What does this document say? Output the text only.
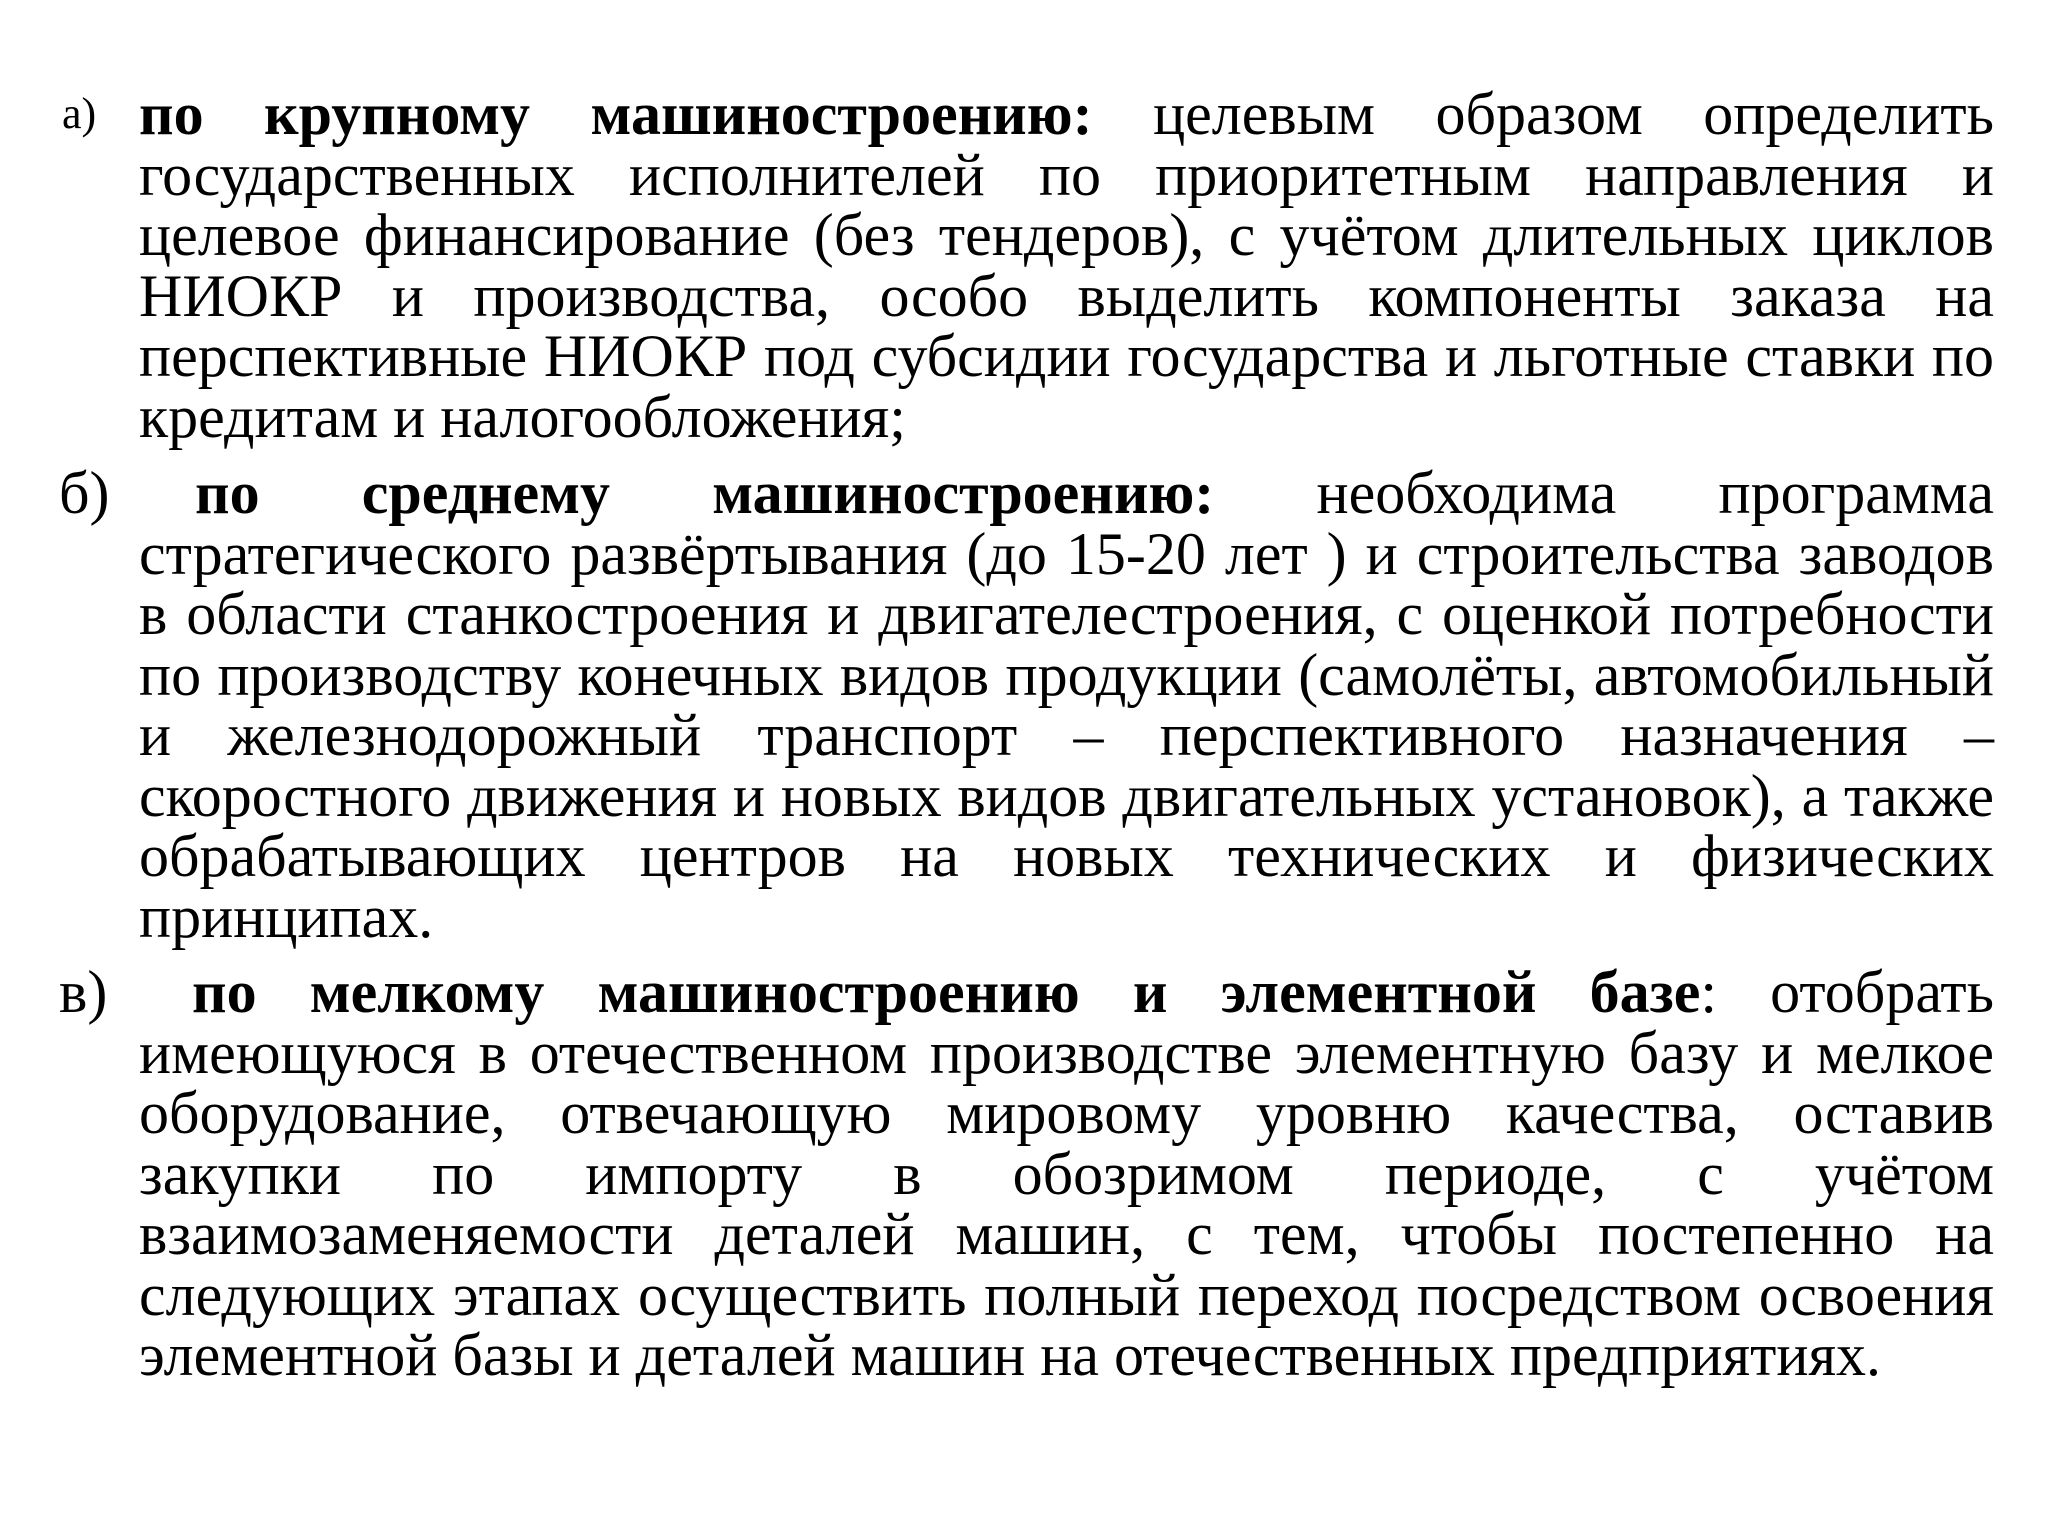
а) по крупному машиностроению: целевым образом определить государственных исполнителей по приоритетным направления и целевое финансирование (без тендеров), с учётом длительных циклов НИОКР и производства, особо выделить компоненты заказа на перспективные НИОКР под субсидии государства и льготные ставки по кредитам и налогообложения;
б) по среднему машиностроению: необходима программа стратегического развёртывания (до 15-20 лет ) и строительства заводов в области станкостроения и двигателестроения, с оценкой потребности по производству конечных видов продукции (самолёты, автомобильный и железнодорожный транспорт – перспективного назначения – скоростного движения и новых видов двигательных установок), а также обрабатывающих центров на новых технических и физических принципах.
в) по мелкому машиностроению и элементной базе: отобрать имеющуюся в отечественном производстве элементную базу и мелкое оборудование, отвечающую мировому уровню качества, оставив закупки по импорту в обозримом периоде, с учётом взаимозаменяемости деталей машин, с тем, чтобы постепенно на следующих этапах осуществить полный переход посредством освоения элементной базы и деталей машин на отечественных предприятиях.
